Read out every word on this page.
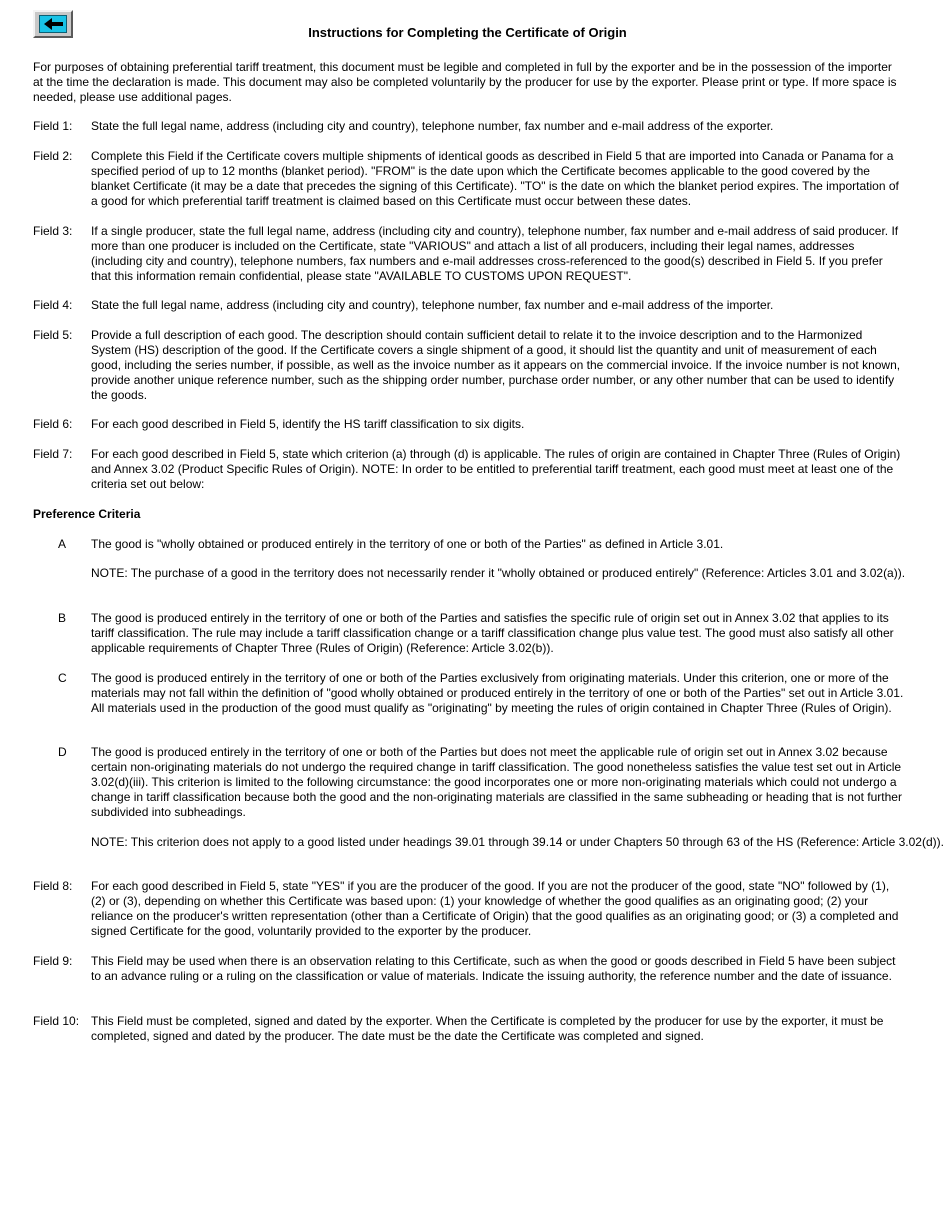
Instructions for Completing the Certificate of Origin
For purposes of obtaining preferential tariff treatment, this document must be legible and completed in full by the exporter and be in the possession of the importer at the time the declaration is made. This document may also be completed voluntarily by the producer for use by the exporter. Please print or type. If more space is needed, please use additional pages.
Field 1:	State the full legal name, address (including city and country), telephone number, fax number and e-mail address of the exporter.
Field 2:	Complete this Field if the Certificate covers multiple shipments of identical goods as described in Field 5 that are imported into Canada or Panama for a specified period of up to 12 months (blanket period). "FROM" is the date upon which the Certificate becomes applicable to the good covered by the blanket Certificate (it may be a date that precedes the signing of this Certificate). "TO" is the date on which the blanket period expires. The importation of a good for which preferential tariff treatment is claimed based on this Certificate must occur between these dates.
Field 3:	If a single producer, state the full legal name, address (including city and country), telephone number, fax number and e-mail address of said producer. If more than one producer is included on the Certificate, state "VARIOUS" and attach a list of all producers, including their legal names, addresses (including city and country), telephone numbers, fax numbers and e-mail addresses cross-referenced to the good(s) described in Field 5. If you prefer that this information remain confidential, please state "AVAILABLE TO CUSTOMS UPON REQUEST".
Field 4:	State the full legal name, address (including city and country), telephone number, fax number and e-mail address of the importer.
Field 5:	Provide a full description of each good. The description should contain sufficient detail to relate it to the invoice description and to the Harmonized System (HS) description of the good. If the Certificate covers a single shipment of a good, it should list the quantity and unit of measurement of each good, including the series number, if possible, as well as the invoice number as it appears on the commercial invoice. If the invoice number is not known, provide another unique reference number, such as the shipping order number, purchase order number, or any other number that can be used to identify the goods.
Field 6:	For each good described in Field 5, identify the HS tariff classification to six digits.
Field 7:	For each good described in Field 5, state which criterion (a) through (d) is applicable. The rules of origin are contained in Chapter Three (Rules of Origin) and Annex 3.02 (Product Specific Rules of Origin). NOTE: In order to be entitled to preferential tariff treatment, each good must meet at least one of the criteria set out below:
Preference Criteria
A	The good is "wholly obtained or produced entirely in the territory of one or both of the Parties" as defined in Article 3.01.
NOTE: The purchase of a good in the territory does not necessarily render it "wholly obtained or produced entirely" (Reference: Articles 3.01 and 3.02(a)).
B	The good is produced entirely in the territory of one or both of the Parties and satisfies the specific rule of origin set out in Annex 3.02 that applies to its tariff classification. The rule may include a tariff classification change or a tariff classification change plus value test. The good must also satisfy all other applicable requirements of Chapter Three (Rules of Origin) (Reference: Article 3.02(b)).
C	The good is produced entirely in the territory of one or both of the Parties exclusively from originating materials. Under this criterion, one or more of the materials may not fall within the definition of "good wholly obtained or produced entirely in the territory of one or both of the Parties" set out in Article 3.01. All materials used in the production of the good must qualify as "originating" by meeting the rules of origin contained in Chapter Three (Rules of Origin).
D	The good is produced entirely in the territory of one or both of the Parties but does not meet the applicable rule of origin set out in Annex 3.02 because certain non-originating materials do not undergo the required change in tariff classification. The good nonetheless satisfies the value test set out in Article 3.02(d)(iii). This criterion is limited to the following circumstance: the good incorporates one or more non-originating materials which could not undergo a change in tariff classification because both the good and the non-originating materials are classified in the same subheading or heading that is not further subdivided into subheadings.
NOTE: This criterion does not apply to a good listed under headings 39.01 through 39.14 or under Chapters 50 through 63 of the HS (Reference: Article 3.02(d)).
Field 8:	For each good described in Field 5, state "YES" if you are the producer of the good. If you are not the producer of the good, state "NO" followed by (1), (2) or (3), depending on whether this Certificate was based upon: (1) your knowledge of whether the good qualifies as an originating good; (2) your reliance on the producer's written representation (other than a Certificate of Origin) that the good qualifies as an originating good; or (3) a completed and signed Certificate for the good, voluntarily provided to the exporter by the producer.
Field 9:	This Field may be used when there is an observation relating to this Certificate, such as when the good or goods described in Field 5 have been subject to an advance ruling or a ruling on the classification or value of materials. Indicate the issuing authority, the reference number and the date of issuance.
Field 10: This Field must be completed, signed and dated by the exporter. When the Certificate is completed by the producer for use by the exporter, it must be completed, signed and dated by the producer. The date must be the date the Certificate was completed and signed.
